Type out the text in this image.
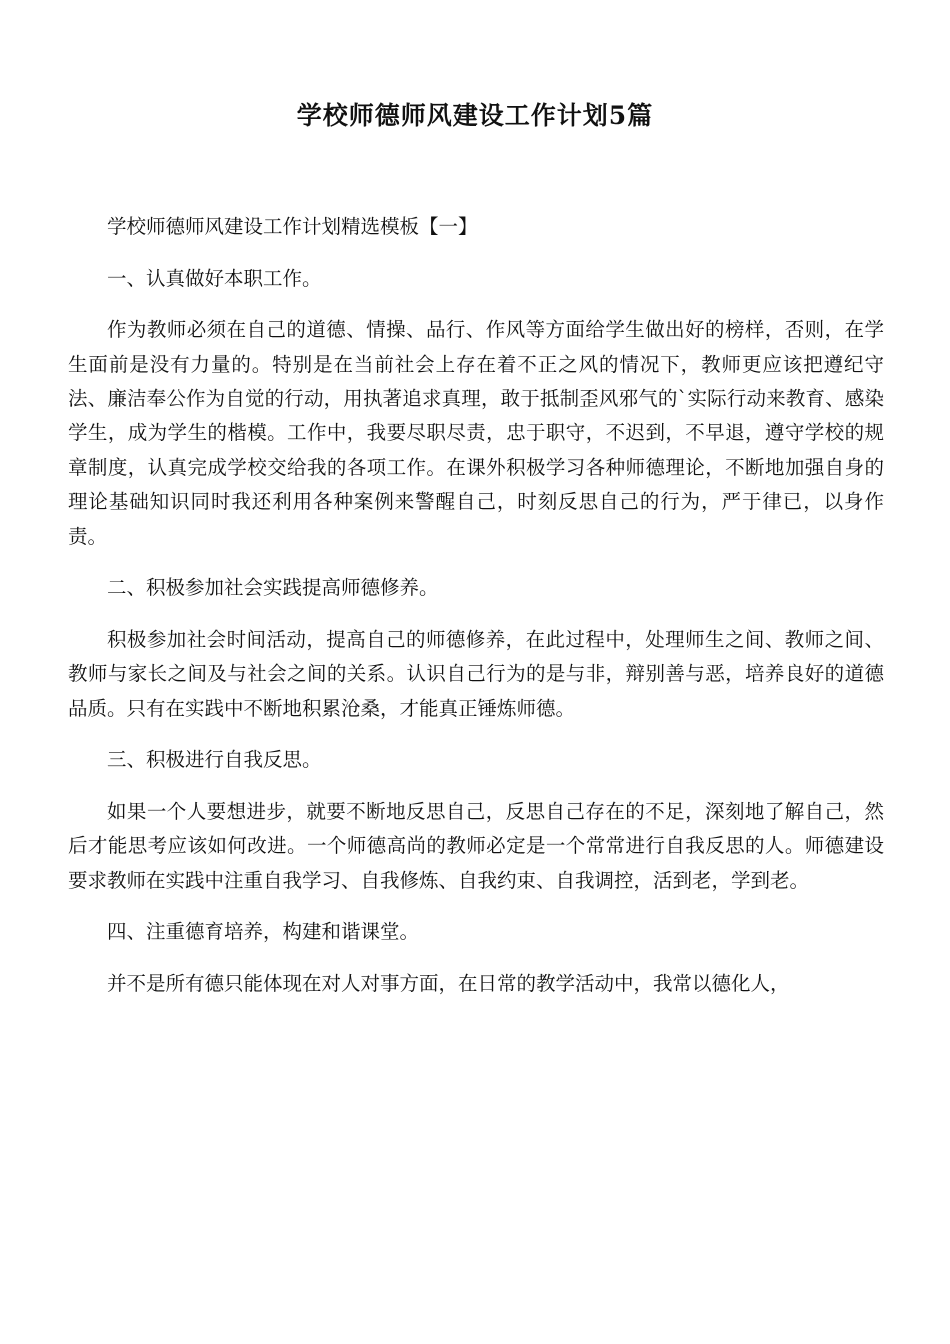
学校师德师风建设工作计划5篇

学校师德师风建设工作计划精选模板【一】

一、认真做好本职工作。

作为教师必须在自己的道德、情操、品行、作风等方面给学生做出好的榜样，否则，在学生面前是没有力量的。特别是在当前社会上存在着不正之风的情况下，教师更应该把遵纪守法、廉洁奉公作为自觉的行动，用执著追求真理，敢于抵制歪风邪气的`实际行动来教育、感染学生，成为学生的楷模。工作中，我要尽职尽责，忠于职守，不迟到，不早退，遵守学校的规章制度，认真完成学校交给我的各项工作。在课外积极学习各种师德理论，不断地加强自身的理论基础知识同时我还利用各种案例来警醒自己，时刻反思自己的行为，严于律已，以身作责。

二、积极参加社会实践提高师德修养。

积极参加社会时间活动，提高自己的师德修养，在此过程中，处理师生之间、教师之间、教师与家长之间及与社会之间的关系。认识自己行为的是与非，辩别善与恶，培养良好的道德品质。只有在实践中不断地积累沧桑，才能真正锤炼师德。

三、积极进行自我反思。

如果一个人要想进步，就要不断地反思自己，反思自己存在的不足，深刻地了解自己，然后才能思考应该如何改进。一个师德高尚的教师必定是一个常常进行自我反思的人。师德建设要求教师在实践中注重自我学习、自我修炼、自我约束、自我调控，活到老，学到老。

四、注重德育培养，构建和谐课堂。

并不是所有德只能体现在对人对事方面，在日常的教学活动中，我常以德化人，
